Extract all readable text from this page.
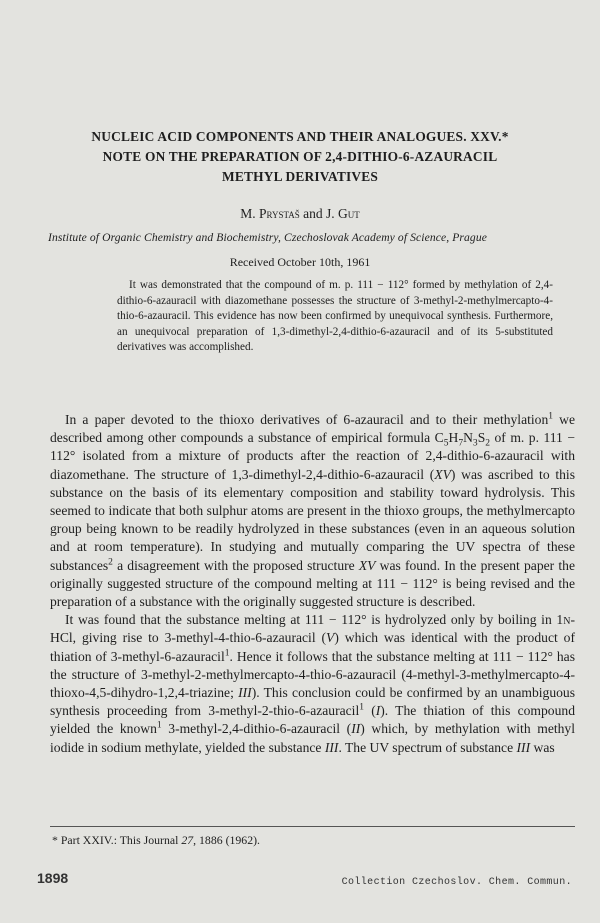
NUCLEIC ACID COMPONENTS AND THEIR ANALOGUES. XXV.*
NOTE ON THE PREPARATION OF 2,4-DITHIO-6-AZAURACIL
METHYL DERIVATIVES
M. Prystaš and J. Gut
Institute of Organic Chemistry and Biochemistry, Czechoslovak Academy of Science, Prague
Received October 10th, 1961

It was demonstrated that the compound of m. p. 111 − 112° formed by methylation of 2,4-dithio-6-azauracil with diazomethane possesses the structure of 3-methyl-2-methylmercapto-4-thio-6-azauracil. This evidence has now been confirmed by unequivocal synthesis. Furthermore, an unequivocal preparation of 1,3-dimethyl-2,4-dithio-6-azauracil and of its 5-substituted derivatives was accomplished.

In a paper devoted to the thioxo derivatives of 6-azauracil and to their methylation$^1$ we described among other compounds a substance of empirical formula $C_5H_7N_3S_2$ of m. p. 111 − 112° isolated from a mixture of products after the reaction of 2,4-dithio-6-azauracil with diazomethane. The structure of 1,3-dimethyl-2,4-dithio-6-azauracil (XV) was ascribed to this substance on the basis of its elementary composition and stability toward hydrolysis. This seemed to indicate that both sulphur atoms are present in the thioxo groups, the methylmercapto group being known to be readily hydrolyzed in these substances (even in an aqueous solution and at room temperature). In studying and mutually comparing the UV spectra of these substances$^2$ a disagreement with the proposed structure XV was found. In the present paper the originally suggested structure of the compound melting at 111 − 112° is being revised and the preparation of a substance with the originally suggested structure is described.

It was found that the substance melting at 111 − 112° is hydrolyzed only by boiling in 1n-HCl, giving rise to 3-methyl-4-thio-6-azauracil (V) which was identical with the product of thiation of 3-methyl-6-azauracil$^1$. Hence it follows that the substance melting at 111 − 112° has the structure of 3-methyl-2-methylmercapto-4-thio-6-azauracil (4-methyl-3-methylmercapto-4-thioxo-4,5-dihydro-1,2,4-triazine; III). This conclusion could be confirmed by an unambiguous synthesis proceeding from 3-methyl-2-thio-6-azauracil$^1$ (I). The thiation of this compound yielded the known$^1$ 3-methyl-2,4-dithio-6-azauracil (II) which, by methylation with methyl iodide in sodium methylate, yielded the substance III. The UV spectrum of substance III was

* Part XXIV.: This Journal 27, 1886 (1962).
1898	Collection Czechoslov. Chem. Commun.
